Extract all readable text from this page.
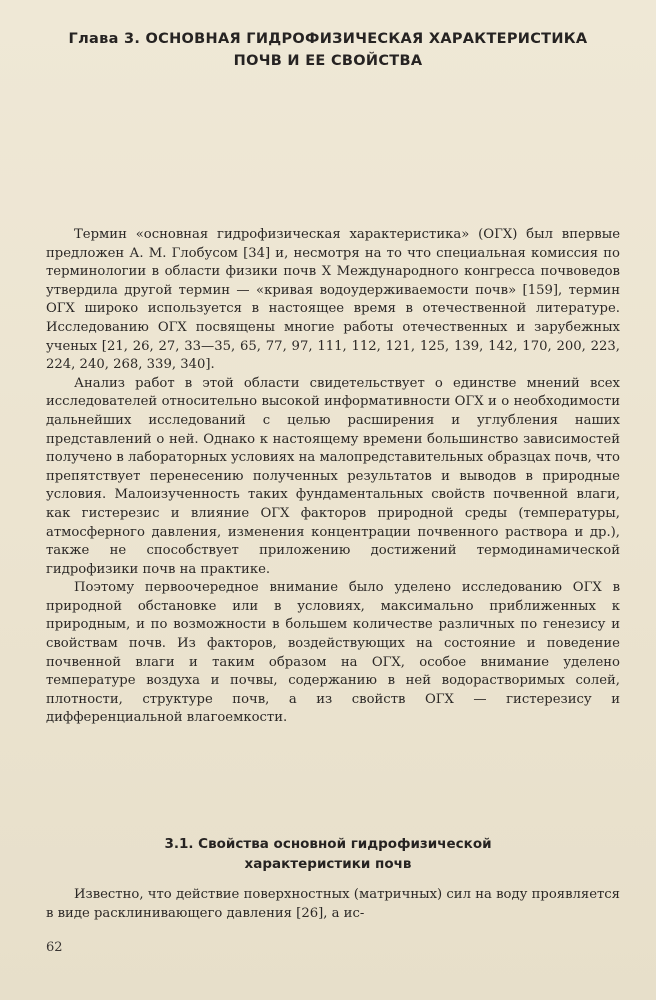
Глава 3. ОСНОВНАЯ ГИДРОФИЗИЧЕСКАЯ ХАРАКТЕРИСТИКА
ПОЧВ И ЕЕ СВОЙСТВА

Термин «основная гидрофизическая характеристика» (ОГХ) был впервые предложен А. М. Глобусом [34] и, несмотря на то что специальная комиссия по терминологии в области физики почв X Международного конгресса почвоведов утвердила другой термин — «кривая водоудерживаемости почв» [159], термин ОГХ широко используется в настоящее время в отечественной литературе. Исследованию ОГХ посвящены многие работы отечественных и зарубежных ученых [21, 26, 27, 33—35, 65, 77, 97, 111, 112, 121, 125, 139, 142, 170, 200, 223, 224, 240, 268, 339, 340].

Анализ работ в этой области свидетельствует о единстве мнений всех исследователей относительно высокой информативности ОГХ и о необходимости дальнейших исследований с целью расширения и углубления наших представлений о ней. Однако к настоящему времени большинство зависимостей получено в лабораторных условиях на малопредставительных образцах почв, что препятствует перенесению полученных результатов и выводов в природные условия. Малоизученность таких фундаментальных свойств почвенной влаги, как гистерезис и влияние ОГХ факторов природной среды (температуры, атмосферного давления, изменения концентрации почвенного раствора и др.), также не способствует приложению достижений термодинамической гидрофизики почв на практике.

Поэтому первоочередное внимание было уделено исследованию ОГХ в природной обстановке или в условиях, максимально приближенных к природным, и по возможности в большем количестве различных по генезису и свойствам почв. Из факторов, воздействующих на состояние и поведение почвенной влаги и таким образом на ОГХ, особое внимание уделено температуре воздуха и почвы, содержанию в ней водорастворимых солей, плотности, структуре почв, а из свойств ОГХ — гистерезису и дифференциальной влагоемкости.

3.1. Свойства основной гидрофизической
характеристики почв

Известно, что действие поверхностных (матричных) сил на воду проявляется в виде расклинивающего давления [26], а ис-

62
